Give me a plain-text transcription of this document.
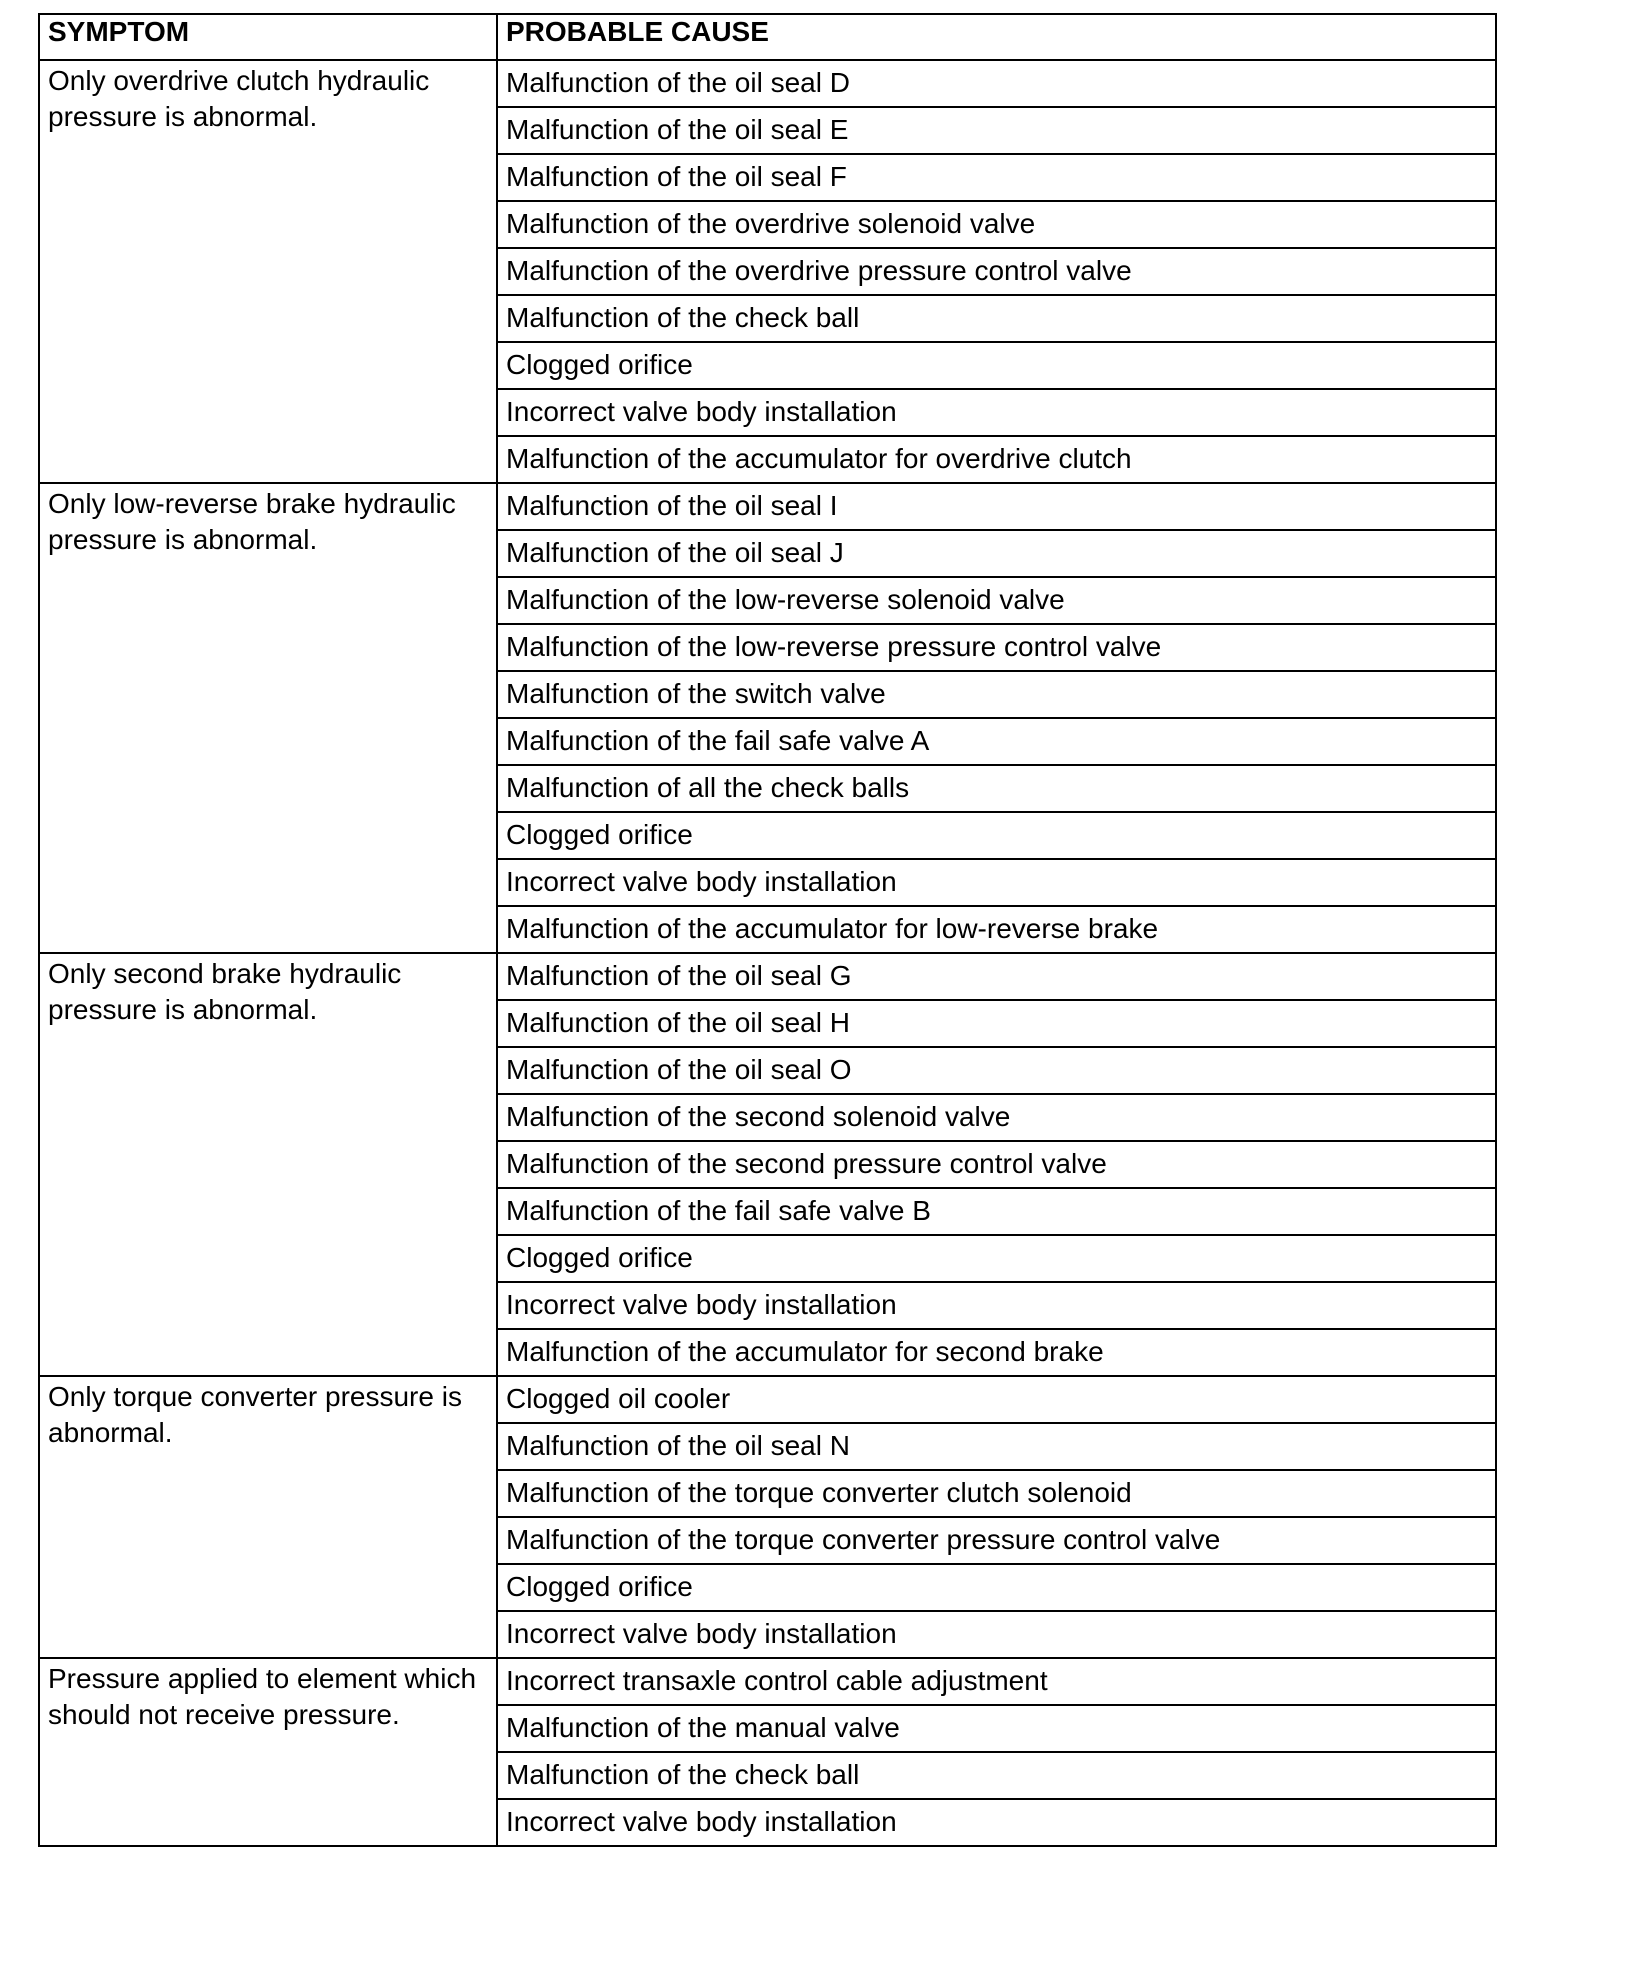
SYMPTOM	PROBABLE CAUSE
Only overdrive clutch hydraulic pressure is abnormal.	Malfunction of the oil seal D
	Malfunction of the oil seal E
	Malfunction of the oil seal F
	Malfunction of the overdrive solenoid valve
	Malfunction of the overdrive pressure control valve
	Malfunction of the check ball
	Clogged orifice
	Incorrect valve body installation
	Malfunction of the accumulator for overdrive clutch
Only low-reverse brake hydraulic pressure is abnormal.	Malfunction of the oil seal I
	Malfunction of the oil seal J
	Malfunction of the low-reverse solenoid valve
	Malfunction of the low-reverse pressure control valve
	Malfunction of the switch valve
	Malfunction of the fail safe valve A
	Malfunction of all the check balls
	Clogged orifice
	Incorrect valve body installation
	Malfunction of the accumulator for low-reverse brake
Only second brake hydraulic pressure is abnormal.	Malfunction of the oil seal G
	Malfunction of the oil seal H
	Malfunction of the oil seal O
	Malfunction of the second solenoid valve
	Malfunction of the second pressure control valve
	Malfunction of the fail safe valve B
	Clogged orifice
	Incorrect valve body installation
	Malfunction of the accumulator for second brake
Only torque converter pressure is abnormal.	Clogged oil cooler
	Malfunction of the oil seal N
	Malfunction of the torque converter clutch solenoid
	Malfunction of the torque converter pressure control valve
	Clogged orifice
	Incorrect valve body installation
Pressure applied to element which should not receive pressure.	Incorrect transaxle control cable adjustment
	Malfunction of the manual valve
	Malfunction of the check ball
	Incorrect valve body installation
